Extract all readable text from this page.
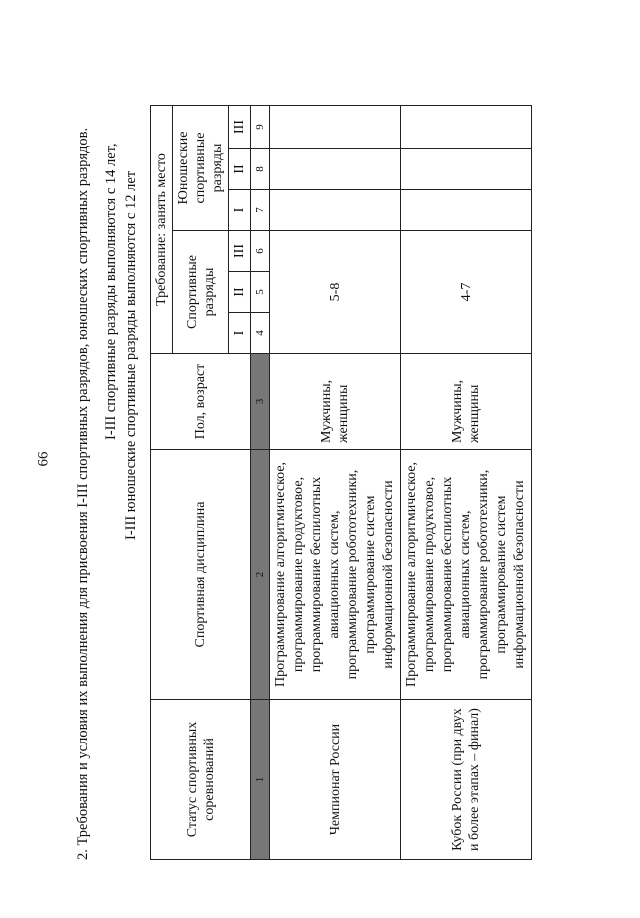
66 2. Требования и условия их выполнения для присвоения I-III спортивных разрядов, юношеских спортивных разрядов. I-III спортивные разряды выполняются с 14 лет, I-III юношеские спортивные разряды выполняются с 12 лет
Статус спортивных соревнований	Спортивная дисциплина	Пол, возраст	Требование: занять место					
			Спортивные разряды			Юношеские спортивные разряды		
			I	II	III	I	II	III
1	2	3	4	5	6	7	8	9
Чемпионат России	Программирование алгоритмическое, программирование продуктовое, программирование беспилотных авиационных систем, программирование робототехники, программирование систем информационной безопасности	Мужчины, женщины	5-8					
Кубок России (при двух и более этапах – финал)	Программирование алгоритмическое, программирование продуктовое, программирование беспилотных авиационных систем, программирование робототехники, программирование систем информационной безопасности	Мужчины, женщины	4-7					
